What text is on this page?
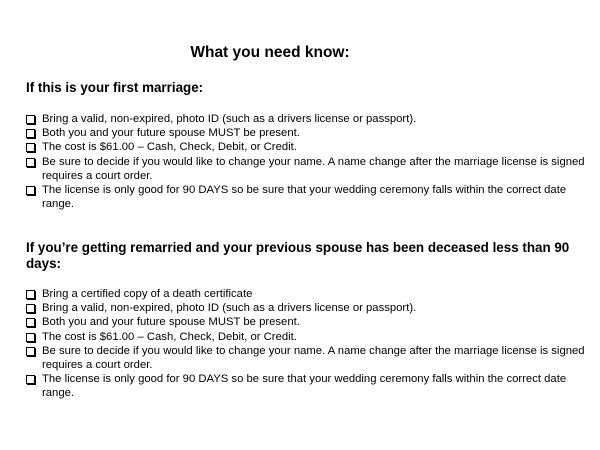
What you need know:
If this is your first marriage:
Bring a valid, non-expired, photo ID (such as a drivers license or passport).
Both you and your future spouse MUST be present.
The cost is $61.00 – Cash, Check, Debit, or Credit.
Be sure to decide if you would like to change your name. A name change after the marriage license is signed requires a court order.
The license is only good for 90 DAYS so be sure that your wedding ceremony falls within the correct date range.
If you’re getting remarried and your previous spouse has been deceased less than 90 days:
Bring a certified copy of a death certificate
Bring a valid, non-expired, photo ID (such as a drivers license or passport).
Both you and your future spouse MUST be present.
The cost is $61.00 – Cash, Check, Debit, or Credit.
Be sure to decide if you would like to change your name. A name change after the marriage license is signed requires a court order.
The license is only good for 90 DAYS so be sure that your wedding ceremony falls within the correct date range.
